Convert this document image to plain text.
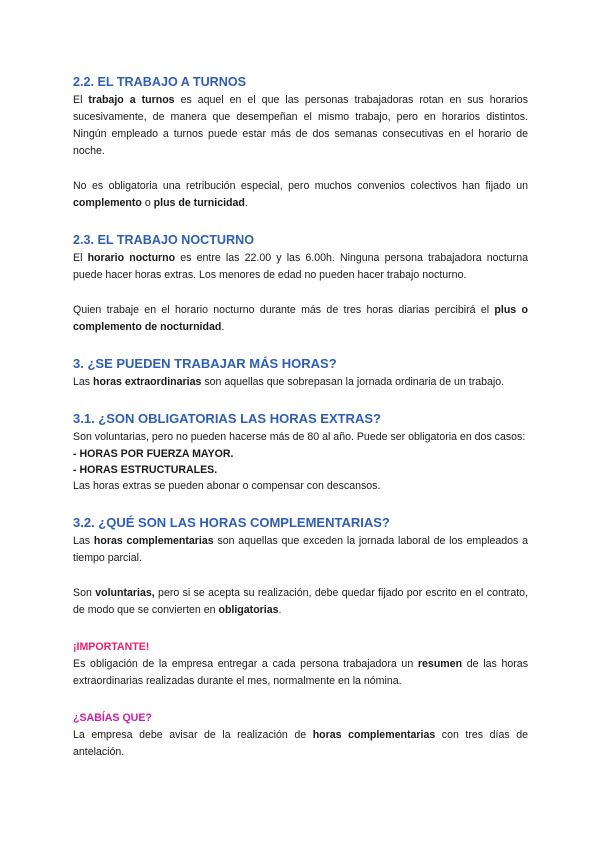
2.2. EL TRABAJO A TURNOS

El trabajo a turnos es aquel en el que las personas trabajadoras rotan en sus horarios sucesivamente, de manera que desempeñan el mismo trabajo, pero en horarios distintos. Ningún empleado a turnos puede estar más de dos semanas consecutivas en el horario de noche.

No es obligatoria una retribución especial, pero muchos convenios colectivos han fijado un complemento o plus de turnicidad.

2.3. EL TRABAJO NOCTURNO

El horario nocturno es entre las 22.00 y las 6.00h. Ninguna persona trabajadora nocturna puede hacer horas extras. Los menores de edad no pueden hacer trabajo nocturno.

Quien trabaje en el horario nocturno durante más de tres horas diarias percibirá el plus o complemento de nocturnidad.

3. ¿SE PUEDEN TRABAJAR MÁS HORAS?

Las horas extraordinarias son aquellas que sobrepasan la jornada ordinaria de un trabajo.

3.1. ¿SON OBLIGATORIAS LAS HORAS EXTRAS?

Son voluntarias, pero no pueden hacerse más de 80 al año. Puede ser obligatoria en dos casos:

- HORAS POR FUERZA MAYOR.

- HORAS ESTRUCTURALES.

Las horas extras se pueden abonar o compensar con descansos.

3.2. ¿QUÉ SON LAS HORAS COMPLEMENTARIAS?

Las horas complementarias son aquellas que exceden la jornada laboral de los empleados a tiempo parcial.

Son voluntarias, pero si se acepta su realización, debe quedar fijado por escrito en el contrato, de modo que se convierten en obligatorias.

¡IMPORTANTE!

Es obligación de la empresa entregar a cada persona trabajadora un resumen de las horas extraordinarias realizadas durante el mes, normalmente en la nómina.

¿SABÍAS QUE?

La empresa debe avisar de la realización de horas complementarias con tres días de antelación.
